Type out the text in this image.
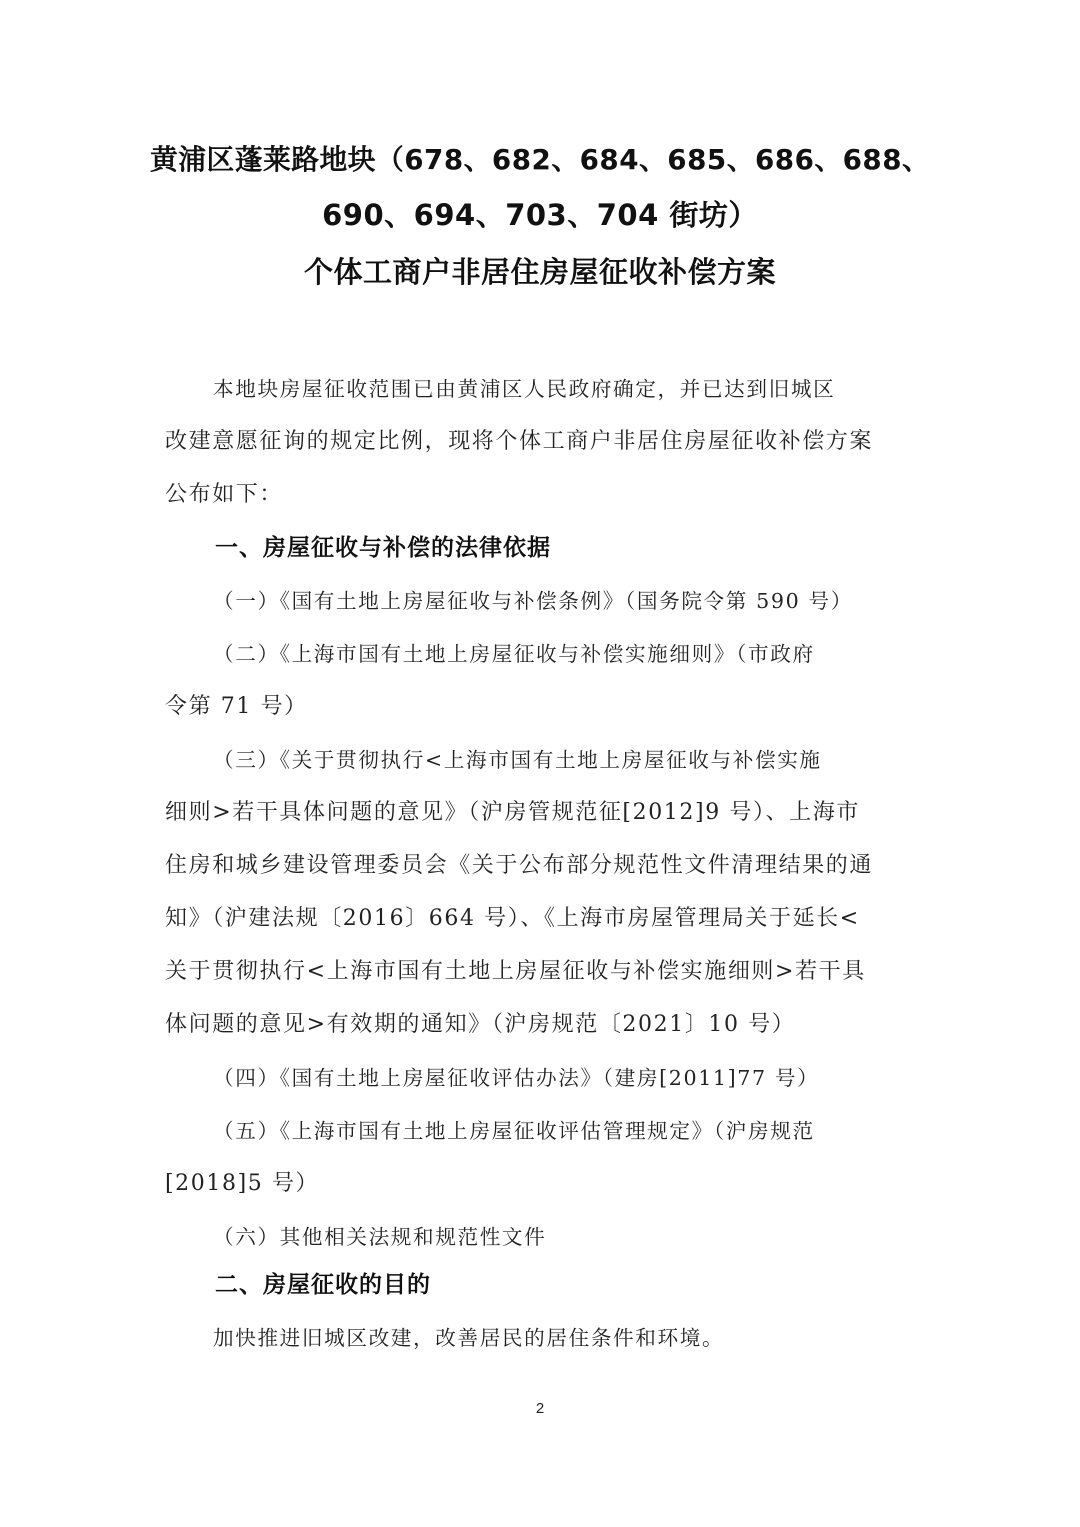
黄浦区蓬莱路地块（678、682、684、685、686、688、
690、694、703、704 街坊）
个体工商户非居住房屋征收补偿方案
本地块房屋征收范围已由黄浦区人民政府确定，并已达到旧城区
改建意愿征询的规定比例，现将个体工商户非居住房屋征收补偿方案
公布如下：
一、房屋征收与补偿的法律依据
（一）《国有土地上房屋征收与补偿条例》（国务院令第 590 号）
（二）《上海市国有土地上房屋征收与补偿实施细则》（市政府
令第 71 号）
（三）《关于贯彻执行<上海市国有土地上房屋征收与补偿实施
细则>若干具体问题的意见》（沪房管规范征[2012]9 号）、上海市
住房和城乡建设管理委员会《关于公布部分规范性文件清理结果的通
知》（沪建法规〔2016〕664 号）、《上海市房屋管理局关于延长<
关于贯彻执行<上海市国有土地上房屋征收与补偿实施细则>若干具
体问题的意见>有效期的通知》（沪房规范〔2021〕10 号）
（四）《国有土地上房屋征收评估办法》（建房[2011]77 号）
（五）《上海市国有土地上房屋征收评估管理规定》（沪房规范
[2018]5 号）
（六）其他相关法规和规范性文件
二、房屋征收的目的
加快推进旧城区改建，改善居民的居住条件和环境。
2
